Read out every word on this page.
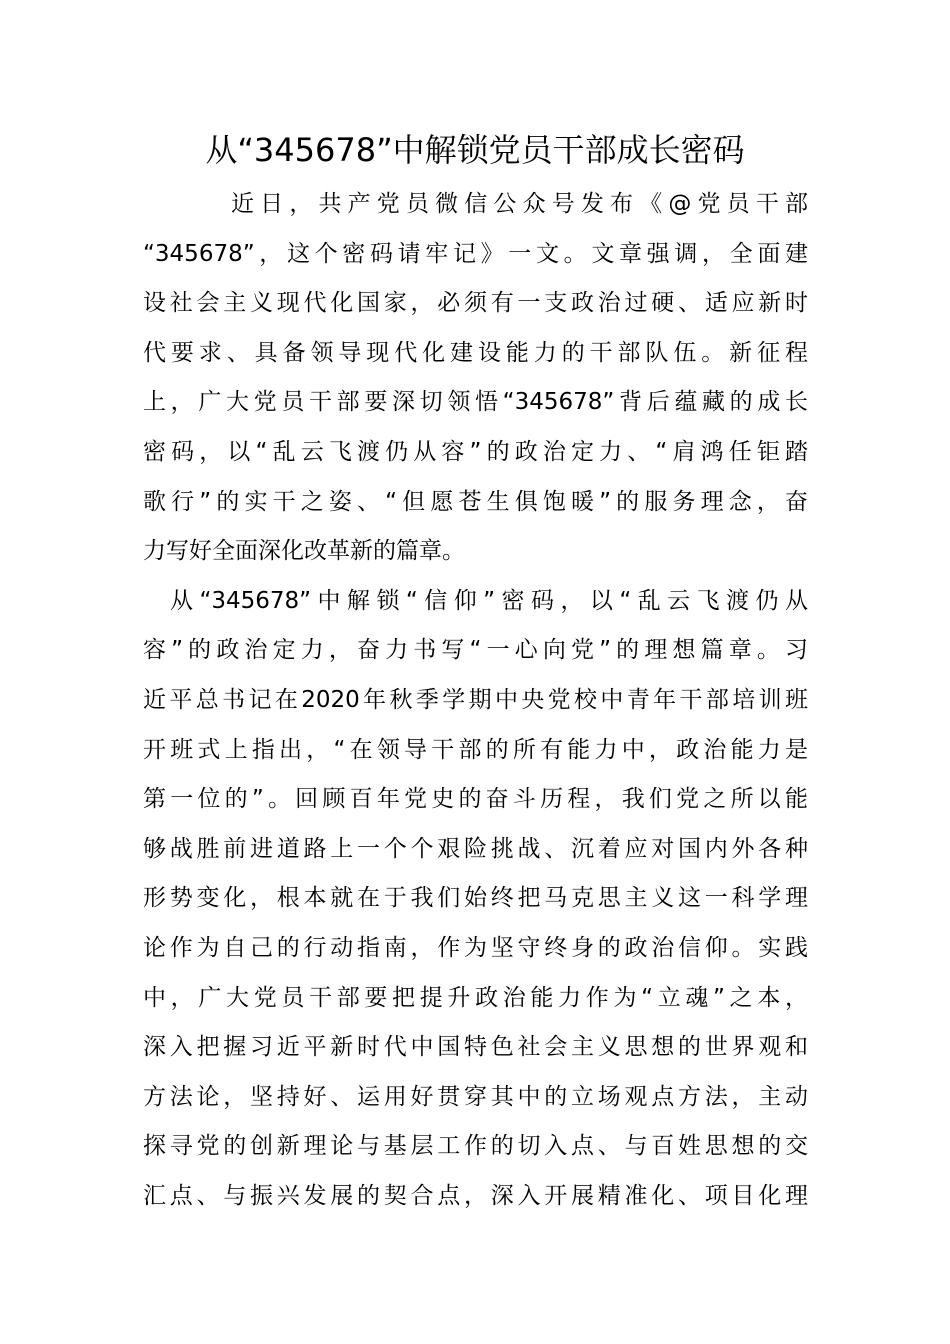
从“345678”中解锁党员干部成长密码
近日，共产党员微信公众号发布《@党员干部
“345678”，这个密码请牢记》一文。文章强调，全面建
设社会主义现代化国家，必须有一支政治过硬、适应新时
代要求、具备领导现代化建设能力的干部队伍。新征程
上，广大党员干部要深切领悟“345678”背后蕴藏的成长
密码，以“乱云飞渡仍从容”的政治定力、“肩鸿任钜踏
歌行”的实干之姿、“但愿苍生俱饱暖”的服务理念，奋
力写好全面深化改革新的篇章。
从“345678”中解锁“信仰”密码，以“乱云飞渡仍从
容”的政治定力，奋力书写“一心向党”的理想篇章。习
近平总书记在2020年秋季学期中央党校中青年干部培训班
开班式上指出，“在领导干部的所有能力中，政治能力是
第一位的”。回顾百年党史的奋斗历程，我们党之所以能
够战胜前进道路上一个个艰险挑战、沉着应对国内外各种
形势变化，根本就在于我们始终把马克思主义这一科学理
论作为自己的行动指南，作为坚守终身的政治信仰。实践
中，广大党员干部要把提升政治能力作为“立魂”之本，
深入把握习近平新时代中国特色社会主义思想的世界观和
方法论，坚持好、运用好贯穿其中的立场观点方法，主动
探寻党的创新理论与基层工作的切入点、与百姓思想的交
汇点、与振兴发展的契合点，深入开展精准化、项目化理
